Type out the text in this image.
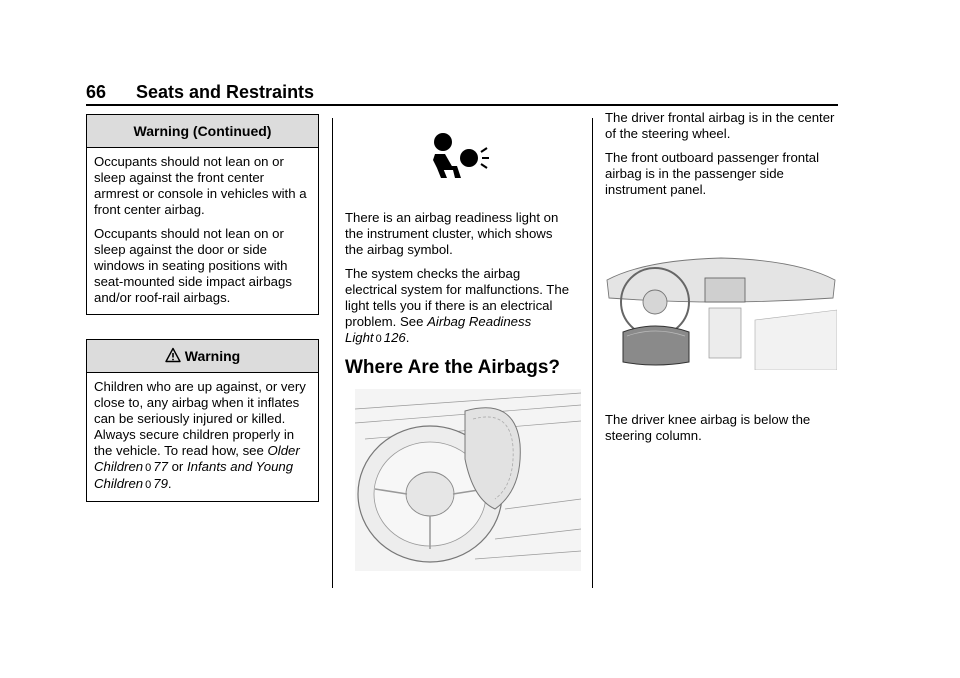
66 Seats and Restraints
Warning (Continued)

Occupants should not lean on or sleep against the front center armrest or console in vehicles with a front center airbag.

Occupants should not lean on or sleep against the door or side windows in seating positions with seat-mounted side impact airbags and/or roof-rail airbags.

Warning

Children who are up against, or very close to, any airbag when it inflates can be seriously injured or killed. Always secure children properly in the vehicle. To read how, see Older Children 0 77 or Infants and Young Children 0 79.

There is an airbag readiness light on the instrument cluster, which shows the airbag symbol.

The system checks the airbag electrical system for malfunctions. The light tells you if there is an electrical problem. See Airbag Readiness Light 0 126.

Where Are the Airbags?

The driver frontal airbag is in the center of the steering wheel.

The front outboard passenger frontal airbag is in the passenger side instrument panel.

The driver knee airbag is below the steering column.
